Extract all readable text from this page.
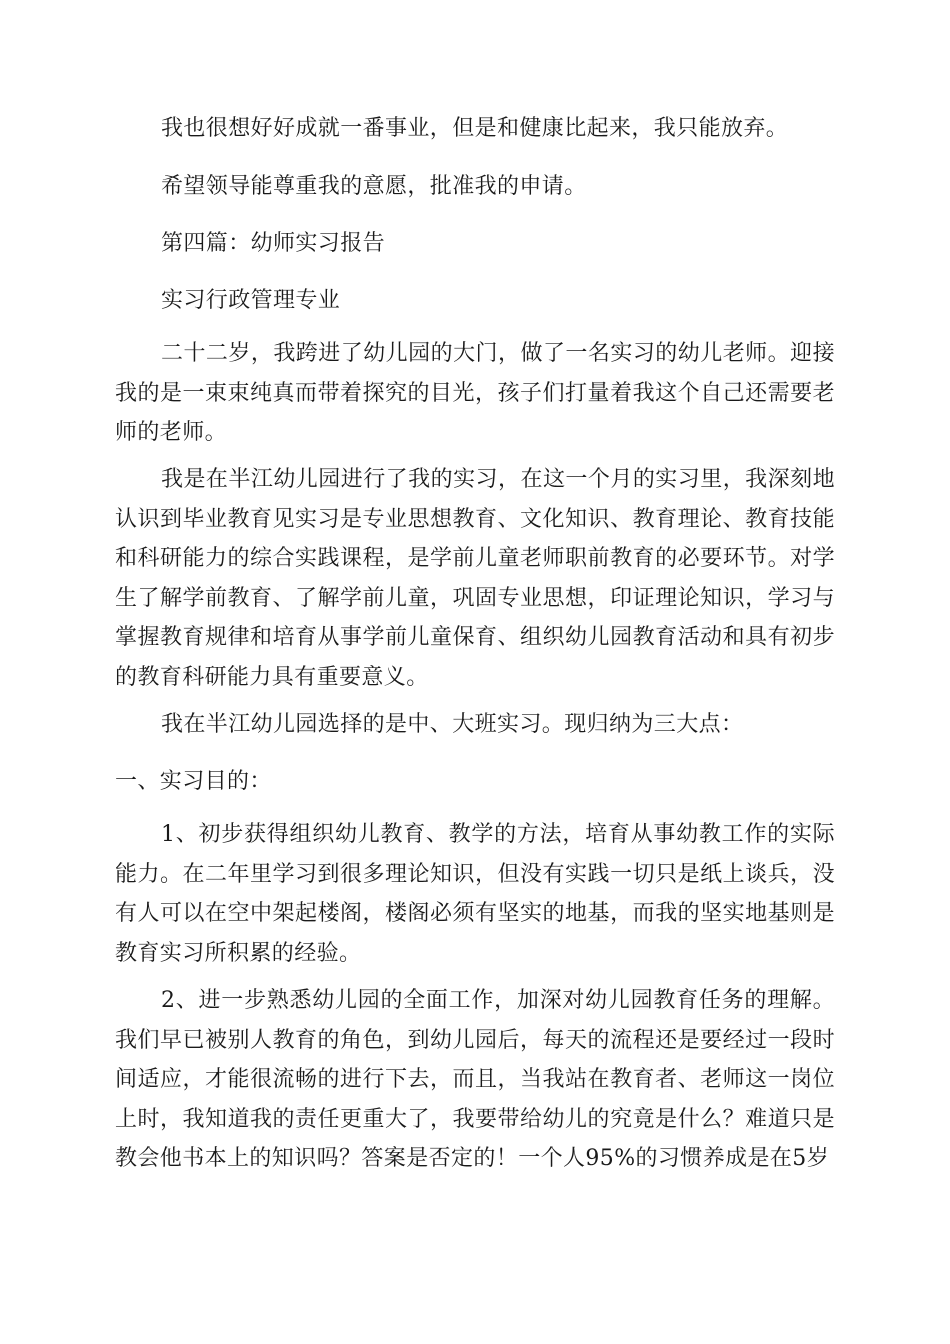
我也很想好好成就一番事业，但是和健康比起来，我只能放弃。

希望领导能尊重我的意愿，批准我的申请。

第四篇：幼师实习报告

实习行政管理专业

二十二岁，我跨进了幼儿园的大门，做了一名实习的幼儿老师。迎接我的是一束束纯真而带着探究的目光，孩子们打量着我这个自己还需要老师的老师。

我是在半江幼儿园进行了我的实习，在这一个月的实习里，我深刻地认识到毕业教育见实习是专业思想教育、文化知识、教育理论、教育技能和科研能力的综合实践课程，是学前儿童老师职前教育的必要环节。对学生了解学前教育、了解学前儿童，巩固专业思想，印证理论知识，学习与掌握教育规律和培育从事学前儿童保育、组织幼儿园教育活动和具有初步的教育科研能力具有重要意义。

我在半江幼儿园选择的是中、大班实习。现归纳为三大点：

一、实习目的：

1、初步获得组织幼儿教育、教学的方法，培育从事幼教工作的实际能力。在二年里学习到很多理论知识，但没有实践一切只是纸上谈兵，没有人可以在空中架起楼阁，楼阁必须有坚实的地基，而我的坚实地基则是教育实习所积累的经验。

2、进一步熟悉幼儿园的全面工作，加深对幼儿园教育任务的理解。我们早已被别人教育的角色，到幼儿园后，每天的流程还是要经过一段时间适应，才能很流畅的进行下去，而且，当我站在教育者、老师这一岗位上时，我知道我的责任更重大了，我要带给幼儿的究竟是什么？难道只是教会他书本上的知识吗？答案是否定的！一个人95%的习惯养成是在5岁
